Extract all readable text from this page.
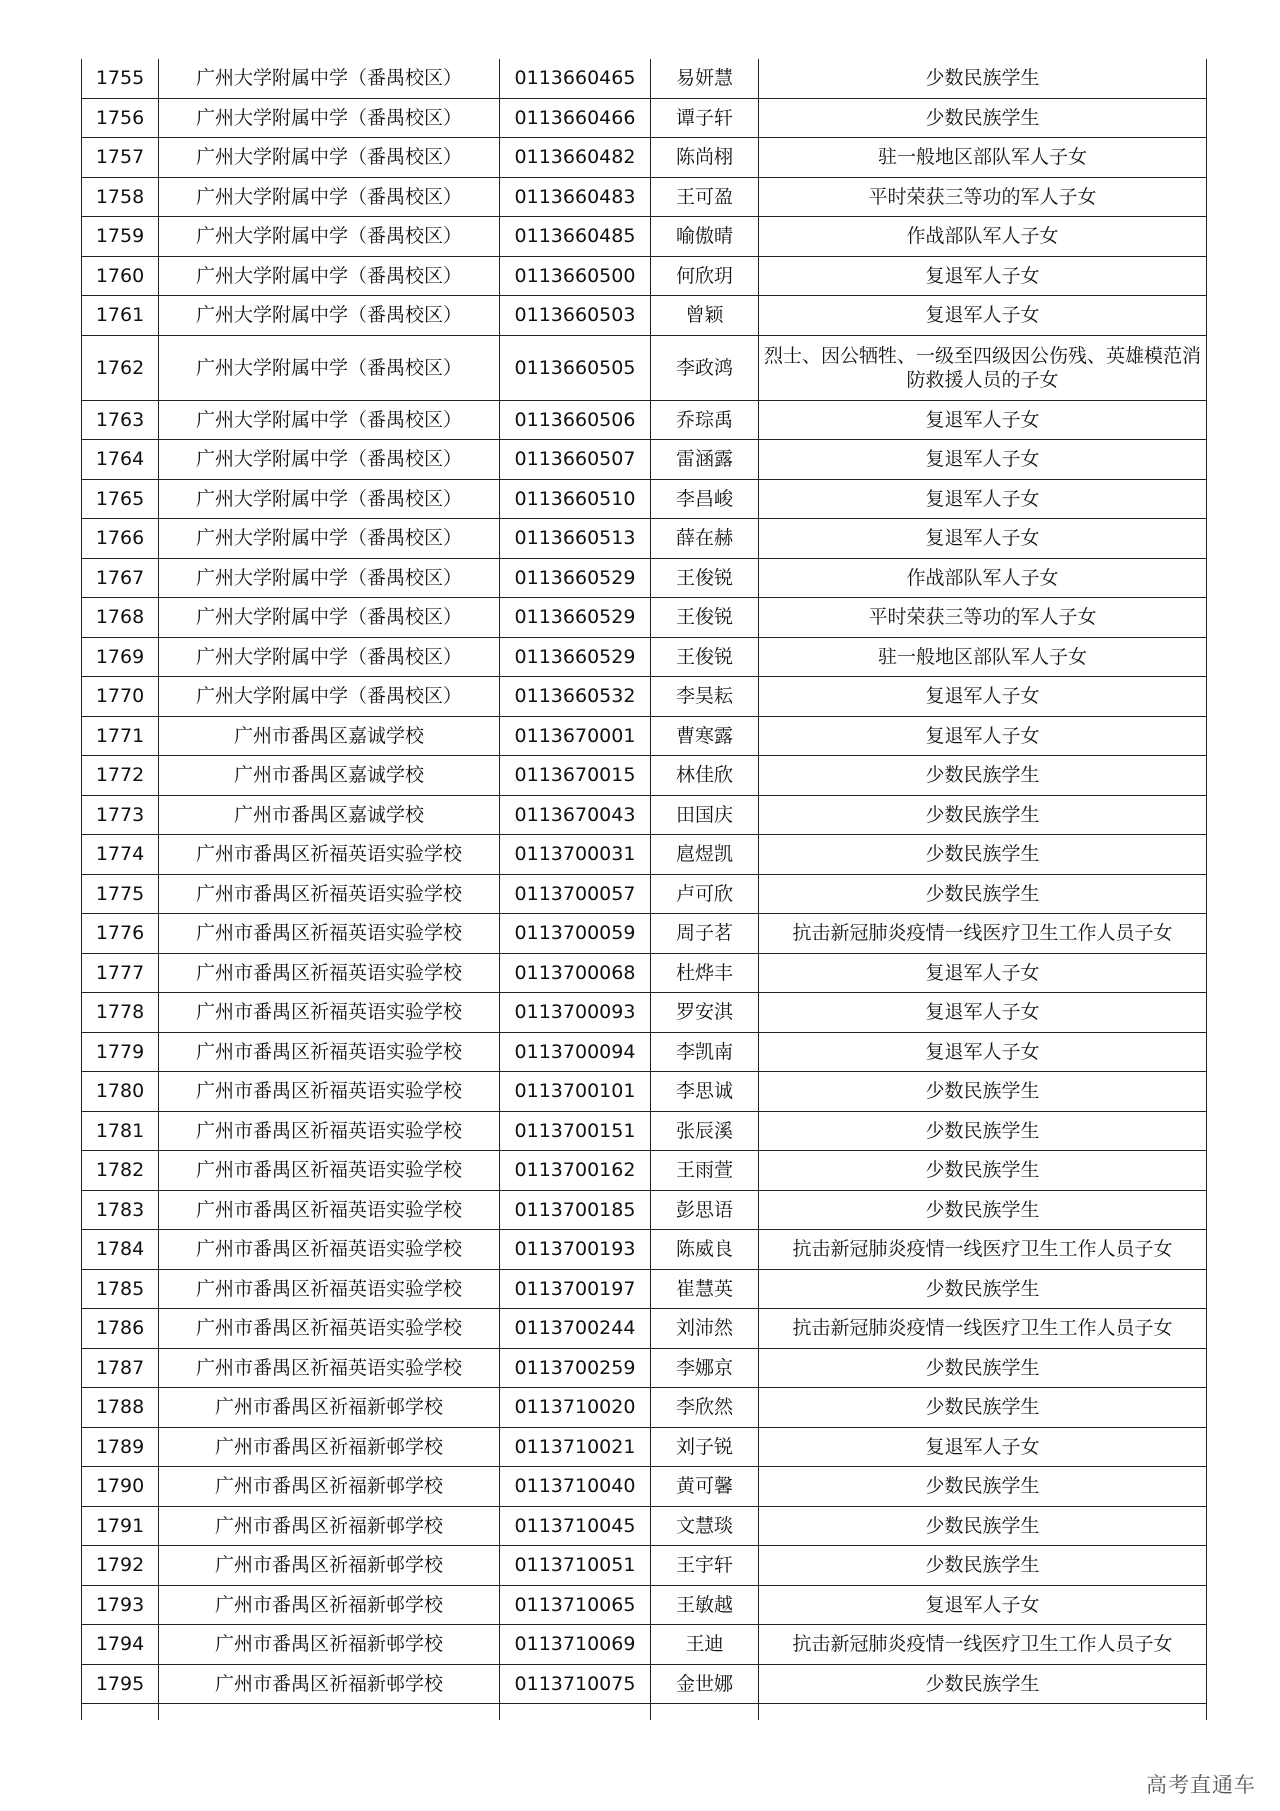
1755	广州大学附属中学（番禺校区）	0113660465	易妍慧	少数民族学生
1756	广州大学附属中学（番禺校区）	0113660466	谭子轩	少数民族学生
1757	广州大学附属中学（番禺校区）	0113660482	陈尚栩	驻一般地区部队军人子女
1758	广州大学附属中学（番禺校区）	0113660483	王可盈	平时荣获三等功的军人子女
1759	广州大学附属中学（番禺校区）	0113660485	喻傲晴	作战部队军人子女
1760	广州大学附属中学（番禺校区）	0113660500	何欣玥	复退军人子女
1761	广州大学附属中学（番禺校区）	0113660503	曾颖	复退军人子女
1762	广州大学附属中学（番禺校区）	0113660505	李政鸿	烈士、因公牺牲、一级至四级因公伤残、英雄模范消防救援人员的子女
1763	广州大学附属中学（番禺校区）	0113660506	乔琮禹	复退军人子女
1764	广州大学附属中学（番禺校区）	0113660507	雷涵露	复退军人子女
1765	广州大学附属中学（番禺校区）	0113660510	李昌峻	复退军人子女
1766	广州大学附属中学（番禺校区）	0113660513	薛在赫	复退军人子女
1767	广州大学附属中学（番禺校区）	0113660529	王俊锐	作战部队军人子女
1768	广州大学附属中学（番禺校区）	0113660529	王俊锐	平时荣获三等功的军人子女
1769	广州大学附属中学（番禺校区）	0113660529	王俊锐	驻一般地区部队军人子女
1770	广州大学附属中学（番禺校区）	0113660532	李昊耘	复退军人子女
1771	广州市番禺区嘉诚学校	0113670001	曹寒露	复退军人子女
1772	广州市番禺区嘉诚学校	0113670015	林佳欣	少数民族学生
1773	广州市番禺区嘉诚学校	0113670043	田国庆	少数民族学生
1774	广州市番禺区祈福英语实验学校	0113700031	扈煜凯	少数民族学生
1775	广州市番禺区祈福英语实验学校	0113700057	卢可欣	少数民族学生
1776	广州市番禺区祈福英语实验学校	0113700059	周子茗	抗击新冠肺炎疫情一线医疗卫生工作人员子女
1777	广州市番禺区祈福英语实验学校	0113700068	杜烨丰	复退军人子女
1778	广州市番禺区祈福英语实验学校	0113700093	罗安淇	复退军人子女
1779	广州市番禺区祈福英语实验学校	0113700094	李凯南	复退军人子女
1780	广州市番禺区祈福英语实验学校	0113700101	李思诚	少数民族学生
1781	广州市番禺区祈福英语实验学校	0113700151	张辰溪	少数民族学生
1782	广州市番禺区祈福英语实验学校	0113700162	王雨萱	少数民族学生
1783	广州市番禺区祈福英语实验学校	0113700185	彭思语	少数民族学生
1784	广州市番禺区祈福英语实验学校	0113700193	陈威良	抗击新冠肺炎疫情一线医疗卫生工作人员子女
1785	广州市番禺区祈福英语实验学校	0113700197	崔慧英	少数民族学生
1786	广州市番禺区祈福英语实验学校	0113700244	刘沛然	抗击新冠肺炎疫情一线医疗卫生工作人员子女
1787	广州市番禺区祈福英语实验学校	0113700259	李娜京	少数民族学生
1788	广州市番禺区祈福新邨学校	0113710020	李欣然	少数民族学生
1789	广州市番禺区祈福新邨学校	0113710021	刘子锐	复退军人子女
1790	广州市番禺区祈福新邨学校	0113710040	黄可馨	少数民族学生
1791	广州市番禺区祈福新邨学校	0113710045	文慧琰	少数民族学生
1792	广州市番禺区祈福新邨学校	0113710051	王宇轩	少数民族学生
1793	广州市番禺区祈福新邨学校	0113710065	王敏越	复退军人子女
1794	广州市番禺区祈福新邨学校	0113710069	王迪	抗击新冠肺炎疫情一线医疗卫生工作人员子女
1795	广州市番禺区祈福新邨学校	0113710075	金世娜	少数民族学生

高考直通车
